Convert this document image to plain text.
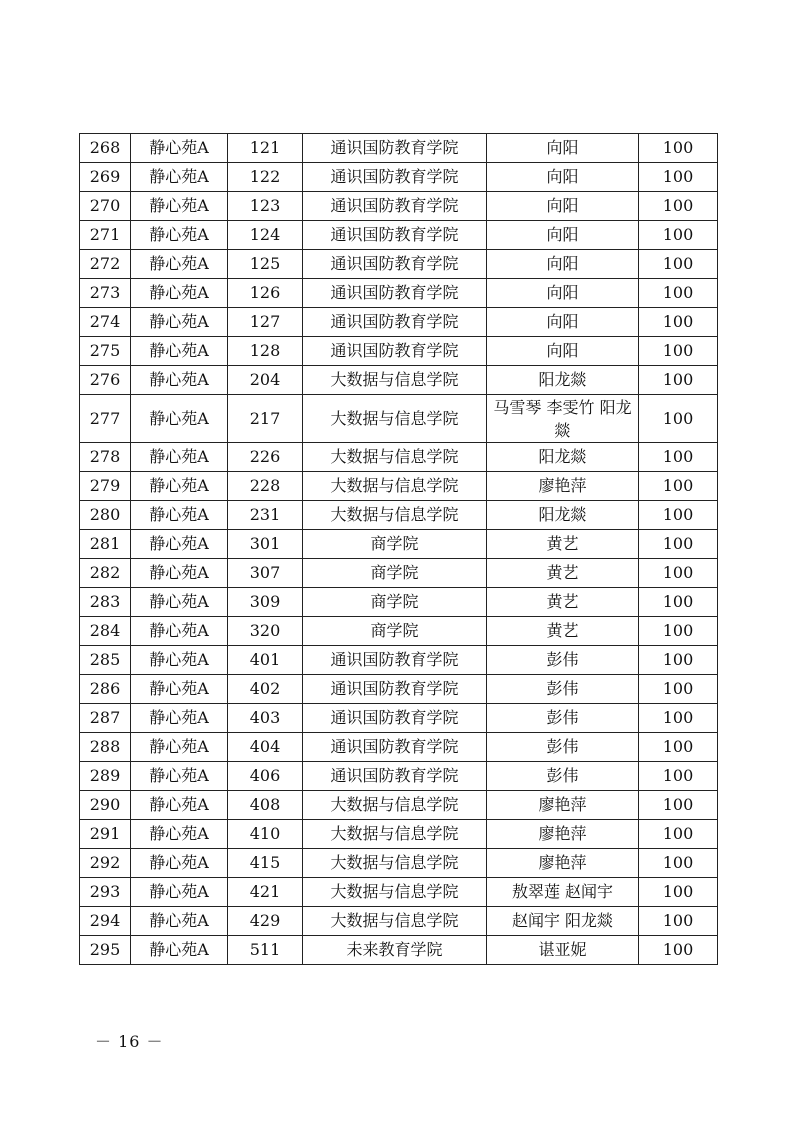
268	静心苑A	121	通识国防教育学院	向阳	100
269	静心苑A	122	通识国防教育学院	向阳	100
270	静心苑A	123	通识国防教育学院	向阳	100
271	静心苑A	124	通识国防教育学院	向阳	100
272	静心苑A	125	通识国防教育学院	向阳	100
273	静心苑A	126	通识国防教育学院	向阳	100
274	静心苑A	127	通识国防教育学院	向阳	100
275	静心苑A	128	通识国防教育学院	向阳	100
276	静心苑A	204	大数据与信息学院	阳龙燚	100
277	静心苑A	217	大数据与信息学院	马雪琴 李雯竹 阳龙燚	100
278	静心苑A	226	大数据与信息学院	阳龙燚	100
279	静心苑A	228	大数据与信息学院	廖艳萍	100
280	静心苑A	231	大数据与信息学院	阳龙燚	100
281	静心苑A	301	商学院	黄艺	100
282	静心苑A	307	商学院	黄艺	100
283	静心苑A	309	商学院	黄艺	100
284	静心苑A	320	商学院	黄艺	100
285	静心苑A	401	通识国防教育学院	彭伟	100
286	静心苑A	402	通识国防教育学院	彭伟	100
287	静心苑A	403	通识国防教育学院	彭伟	100
288	静心苑A	404	通识国防教育学院	彭伟	100
289	静心苑A	406	通识国防教育学院	彭伟	100
290	静心苑A	408	大数据与信息学院	廖艳萍	100
291	静心苑A	410	大数据与信息学院	廖艳萍	100
292	静心苑A	415	大数据与信息学院	廖艳萍	100
293	静心苑A	421	大数据与信息学院	敖翠莲 赵闻宇	100
294	静心苑A	429	大数据与信息学院	赵闻宇 阳龙燚	100
295	静心苑A	511	未来教育学院	谌亚妮	100
－ 16 －
